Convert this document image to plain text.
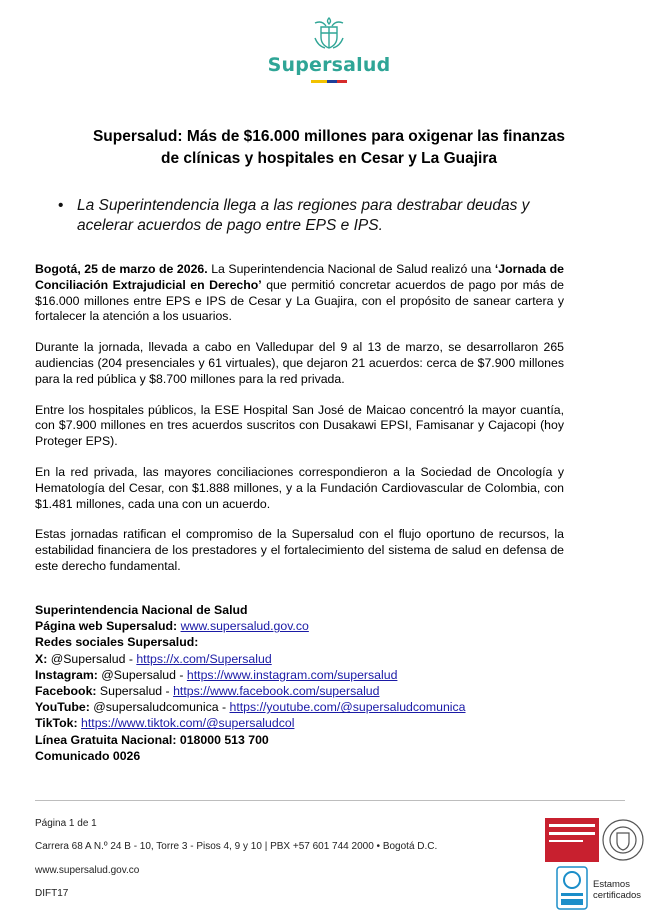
Supersalud
Supersalud: Más de $16.000 millones para oxigenar las finanzas
de clínicas y hospitales en Cesar y La Guajira
• La Superintendencia llega a las regiones para destrabar deudas y acelerar acuerdos de pago entre EPS e IPS.

Bogotá, 25 de marzo de 2026. La Superintendencia Nacional de Salud realizó una ‘Jornada de Conciliación Extrajudicial en Derecho’ que permitió concretar acuerdos de pago por más de $16.000 millones entre EPS e IPS de Cesar y La Guajira, con el propósito de sanear cartera y fortalecer la atención a los usuarios.

Durante la jornada, llevada a cabo en Valledupar del 9 al 13 de marzo, se desarrollaron 265 audiencias (204 presenciales y 61 virtuales), que dejaron 21 acuerdos: cerca de $7.900 millones para la red pública y $8.700 millones para la red privada.

Entre los hospitales públicos, la ESE Hospital San José de Maicao concentró la mayor cuantía, con $7.900 millones en tres acuerdos suscritos con Dusakawi EPSI, Famisanar y Cajacopi (hoy Proteger EPS).

En la red privada, las mayores conciliaciones correspondieron a la Sociedad de Oncología y Hematología del Cesar, con $1.888 millones, y a la Fundación Cardiovascular de Colombia, con $1.481 millones, cada una con un acuerdo.

Estas jornadas ratifican el compromiso de la Supersalud con el flujo oportuno de recursos, la estabilidad financiera de los prestadores y el fortalecimiento del sistema de salud en defensa de este derecho fundamental.

Superintendencia Nacional de Salud
Página web Supersalud: www.supersalud.gov.co
Redes sociales Supersalud:
X: @Supersalud - https://x.com/Supersalud
Instagram: @Supersalud - https://www.instagram.com/supersalud
Facebook: Supersalud - https://www.facebook.com/supersalud
YouTube: @supersaludcomunica - https://youtube.com/@supersaludcomunica
TikTok: https://www.tiktok.com/@supersaludcol
Línea Gratuita Nacional: 018000 513 700
Comunicado 0026
Página 1 de 1
Carrera 68 A N.º 24 B - 10, Torre 3 - Pisos 4, 9 y 10 | PBX +57 601 744 2000 • Bogotá D.C.
www.supersalud.gov.co
DIFT17
Estamos
certificados
